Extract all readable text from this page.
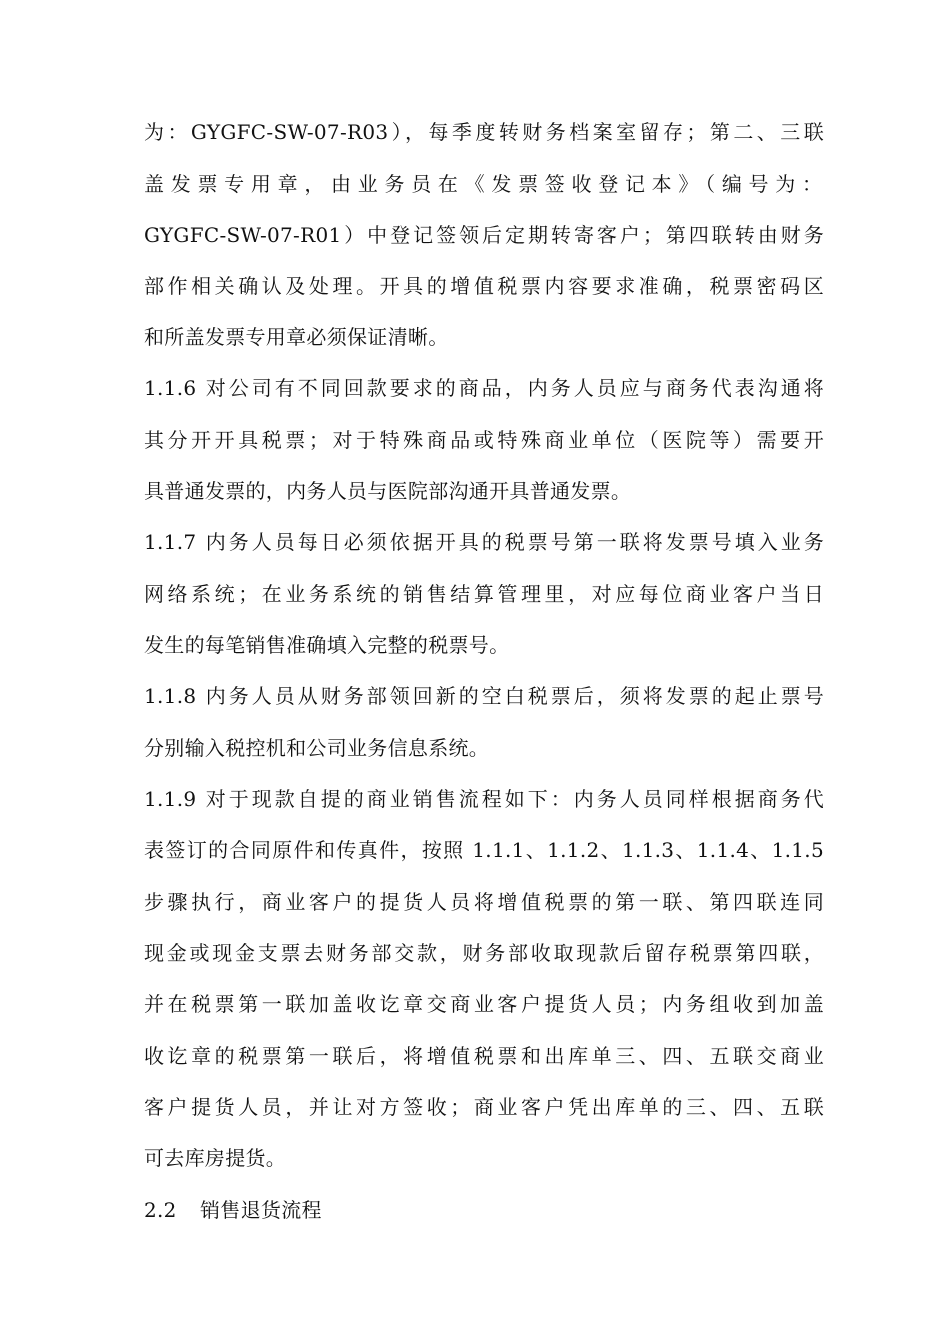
为：GYGFC-SW-07-R03），每季度转财务档案室留存；第二、三联
盖发票专用章，由业务员在《发票签收登记本》（编号为：
GYGFC-SW-07-R01）中登记签领后定期转寄客户；第四联转由财务
部作相关确认及处理。开具的增值税票内容要求准确，税票密码区
和所盖发票专用章必须保证清晰。
1.1.6 对公司有不同回款要求的商品，内务人员应与商务代表沟通将
其分开开具税票；对于特殊商品或特殊商业单位（医院等）需要开
具普通发票的，内务人员与医院部沟通开具普通发票。
1.1.7 内务人员每日必须依据开具的税票号第一联将发票号填入业务
网络系统；在业务系统的销售结算管理里，对应每位商业客户当日
发生的每笔销售准确填入完整的税票号。
1.1.8 内务人员从财务部领回新的空白税票后，须将发票的起止票号
分别输入税控机和公司业务信息系统。
1.1.9 对于现款自提的商业销售流程如下：内务人员同样根据商务代
表签订的合同原件和传真件，按照 1.1.1、1.1.2、1.1.3、1.1.4、1.1.5
步骤执行，商业客户的提货人员将增值税票的第一联、第四联连同
现金或现金支票去财务部交款，财务部收取现款后留存税票第四联，
并在税票第一联加盖收讫章交商业客户提货人员；内务组收到加盖
收讫章的税票第一联后，将增值税票和出库单三、四、五联交商业
客户提货人员，并让对方签收；商业客户凭出库单的三、四、五联
可去库房提货。
2.2 销售退货流程
